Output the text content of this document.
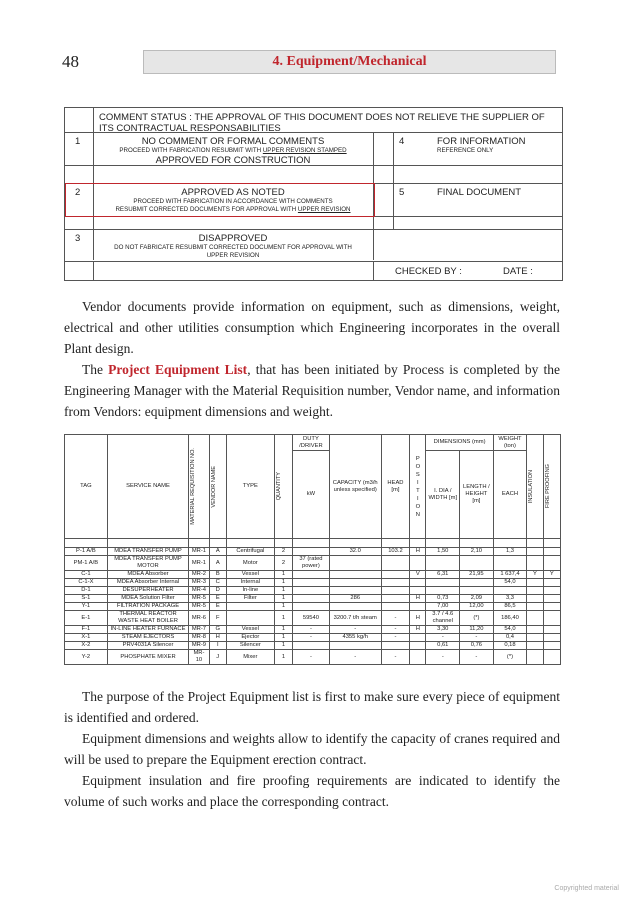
48	4. Equipment/Mechanical
COMMENT STATUS : THE APPROVAL OF THIS DOCUMENT DOES NOT RELIEVE THE SUPPLIER OF ITS CONTRACTUAL RESPONSABILITIES
1	NO COMMENT OR FORMAL COMMENTS
PROCEED WITH FABRICATION RESUBMIT WITH UPPER REVISION STAMPED
APPROVED FOR CONSTRUCTION
4	FOR INFORMATION
REFERENCE ONLY
2	APPROVED AS NOTED
PROCEED WITH FABRICATION IN ACCORDANCE WITH COMMENTS
RESUBMIT CORRECTED DOCUMENTS FOR APPROVAL WITH UPPER REVISION
5	FINAL DOCUMENT
3	DISAPPROVED
DO NOT FABRICATE RESUBMIT CORRECTED DOCUMENT FOR APPROVAL WITH
UPPER REVISION
CHECKED BY :	DATE :
Vendor documents provide information on equipment, such as dimensions, weight, electrical and other utilities consumption which Engineering incorporates in the overall Plant design.
The Project Equipment List, that has been initiated by Process is completed by the Engineering Manager with the Material Requisition number, Vendor name, and information from Vendors: equipment dimensions and weight.
TAG	SERVICE NAME	MATERIAL REQUISITION NO.	VENDOR NAME	TYPE	QUANTITY	DUTY /DRIVER	CAPACITY (m3/h unless specified)	HEAD [m]	P O S I T I O N	DIMENSIONS (mm)		WEIGHT (ton)	INSULATION	FIRE PROOFING

						kW				I. DIA / WIDTH [m]	LENGTH / HEIGHT [m]	EACH		

P-1 A/B	MDEA TRANSFER PUMP	MR-1	A	Centrifugal	2		32.0	103.2	H	1,50	2,10	1,3		
PM-1 A/B	MDEA TRANSFER PUMP MOTOR	MR-1	A	Motor	2	37 (rated power)								
C-1	MDEA Absorber	MR-2	B	Vessel	1				V	6,31	21,95	1 637,4	Y	Y
C-1-X	MDEA Absorber Internal	MR-3	C	Internal	1							54,0		
D-1	DESUPERHEATER	MR-4	D	In-line	1									
S-1	MDEA Solution Filter	MR-5	E	Filter	1		286		H	0,73	2,09	3,3		
Y-1	FILTRATION PACKAGE	MR-5	E		1					7,00	12,00	86,5		
E-1	THERMAL REACTOR WASTE HEAT BOILER	MR-6	F		1	59540	3200.7 t/h steam	-	H	3.7 / 4.6 channel	(*)	186,40		
F-1	IN-LINE HEATER FURNACE	MR-7	G	Vessel	1	-	-	-	H	3,30	11,20	54,0		
X-1	STEAM EJECTORS	MR-8	H	Ejector	1	-	4355 kg/h	-		-	-	0,4		
X-2	PRV4031A Silencer	MR-9	I	Silencer	1					0,61	0,76	0,18		
Y-2	PHOSPHATE MIXER	MR-10	J	Mixer	1	-	-	-		-	-	(*)		
The purpose of the Project Equipment list is first to make sure every piece of equipment is identified and ordered.
Equipment dimensions and weights allow to identify the capacity of cranes required and will be used to prepare the Equipment erection contract.
Equipment insulation and fire proofing requirements are indicated to identify the volume of such works and place the corresponding contract.
Copyrighted material
